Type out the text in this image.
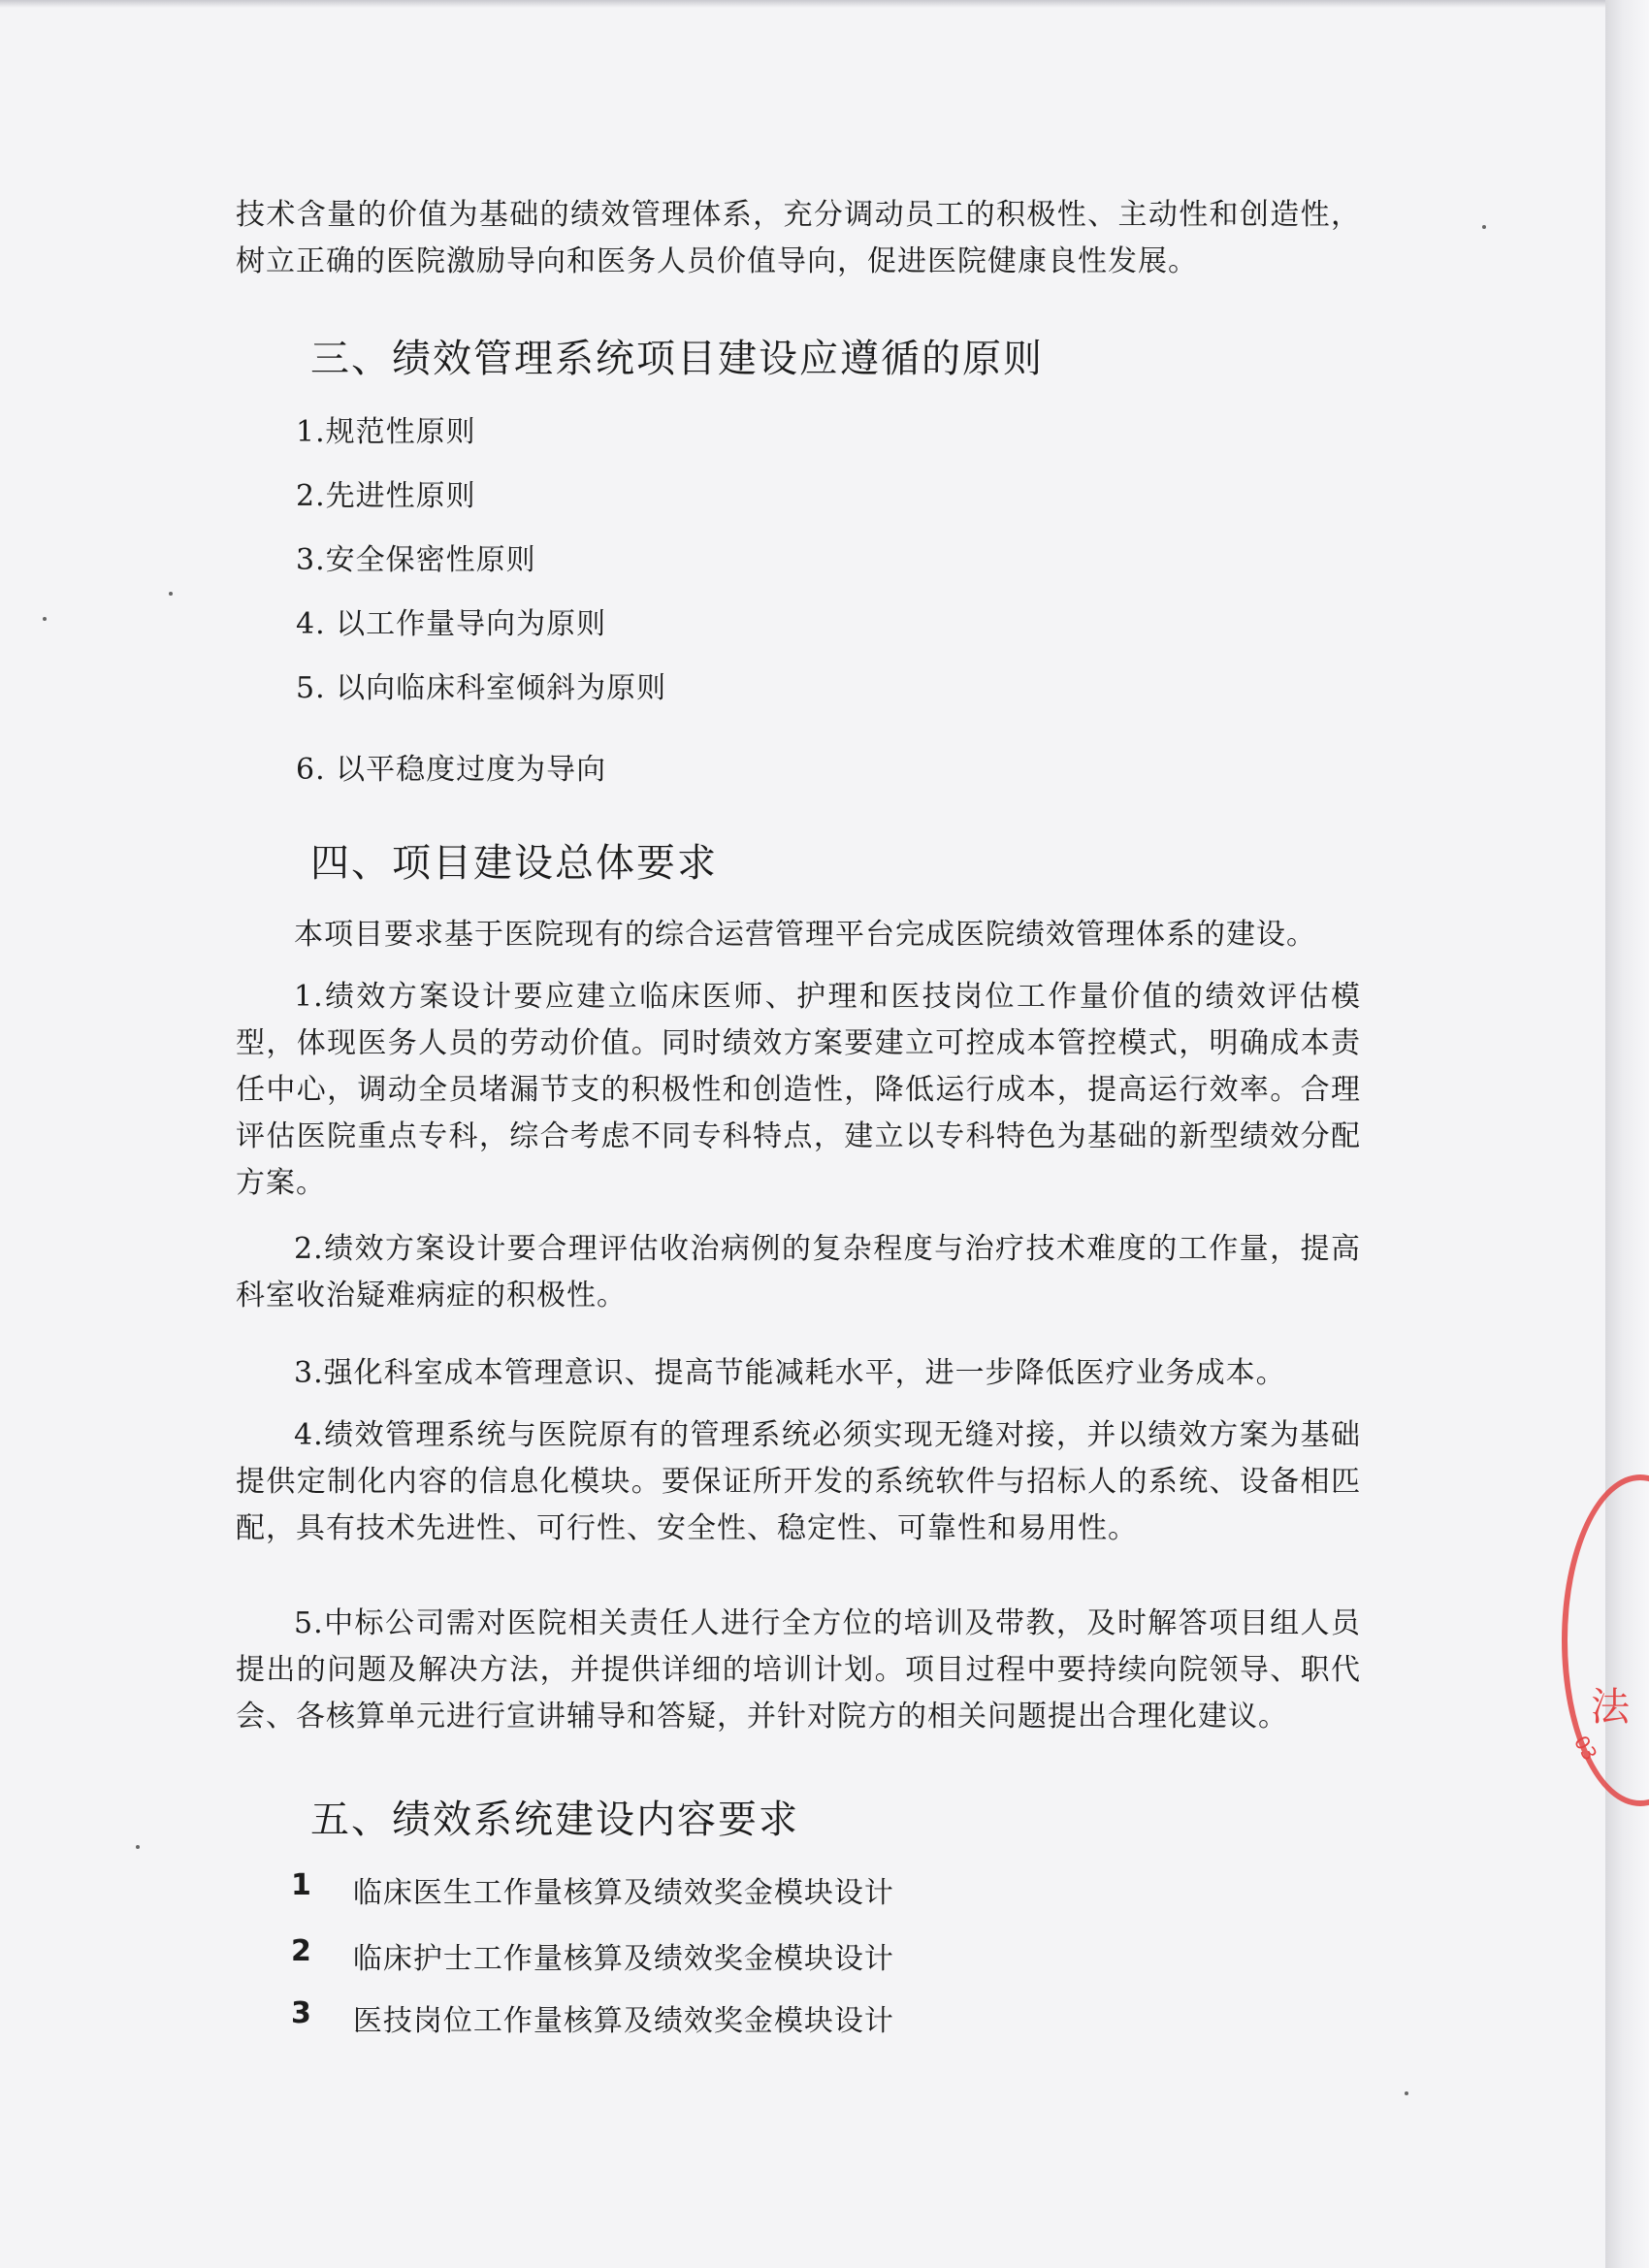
技术含量的价值为基础的绩效管理体系，充分调动员工的积极性、主动性和创造性，树立正确的医院激励导向和医务人员价值导向，促进医院健康良性发展。

三、绩效管理系统项目建设应遵循的原则

1.规范性原则

2.先进性原则

3.安全保密性原则

4. 以工作量导向为原则

5. 以向临床科室倾斜为原则

6. 以平稳度过度为导向

四、项目建设总体要求

本项目要求基于医院现有的综合运营管理平台完成医院绩效管理体系的建设。

1.绩效方案设计要应建立临床医师、护理和医技岗位工作量价值的绩效评估模型，体现医务人员的劳动价值。同时绩效方案要建立可控成本管控模式，明确成本责任中心，调动全员堵漏节支的积极性和创造性，降低运行成本，提高运行效率。合理评估医院重点专科，综合考虑不同专科特点，建立以专科特色为基础的新型绩效分配方案。

2.绩效方案设计要合理评估收治病例的复杂程度与治疗技术难度的工作量，提高科室收治疑难病症的积极性。

3.强化科室成本管理意识、提高节能减耗水平，进一步降低医疗业务成本。

4.绩效管理系统与医院原有的管理系统必须实现无缝对接，并以绩效方案为基础提供定制化内容的信息化模块。要保证所开发的系统软件与招标人的系统、设备相匹配，具有技术先进性、可行性、安全性、稳定性、可靠性和易用性。

5.中标公司需对医院相关责任人进行全方位的培训及带教，及时解答项目组人员提出的问题及解决方法，并提供详细的培训计划。项目过程中要持续向院领导、职代会、各核算单元进行宣讲辅导和答疑，并针对院方的相关问题提出合理化建议。

五、绩效系统建设内容要求
1 临床医生工作量核算及绩效奖金模块设计
2 临床护士工作量核算及绩效奖金模块设计
3 医技岗位工作量核算及绩效奖金模块设计
法
03
